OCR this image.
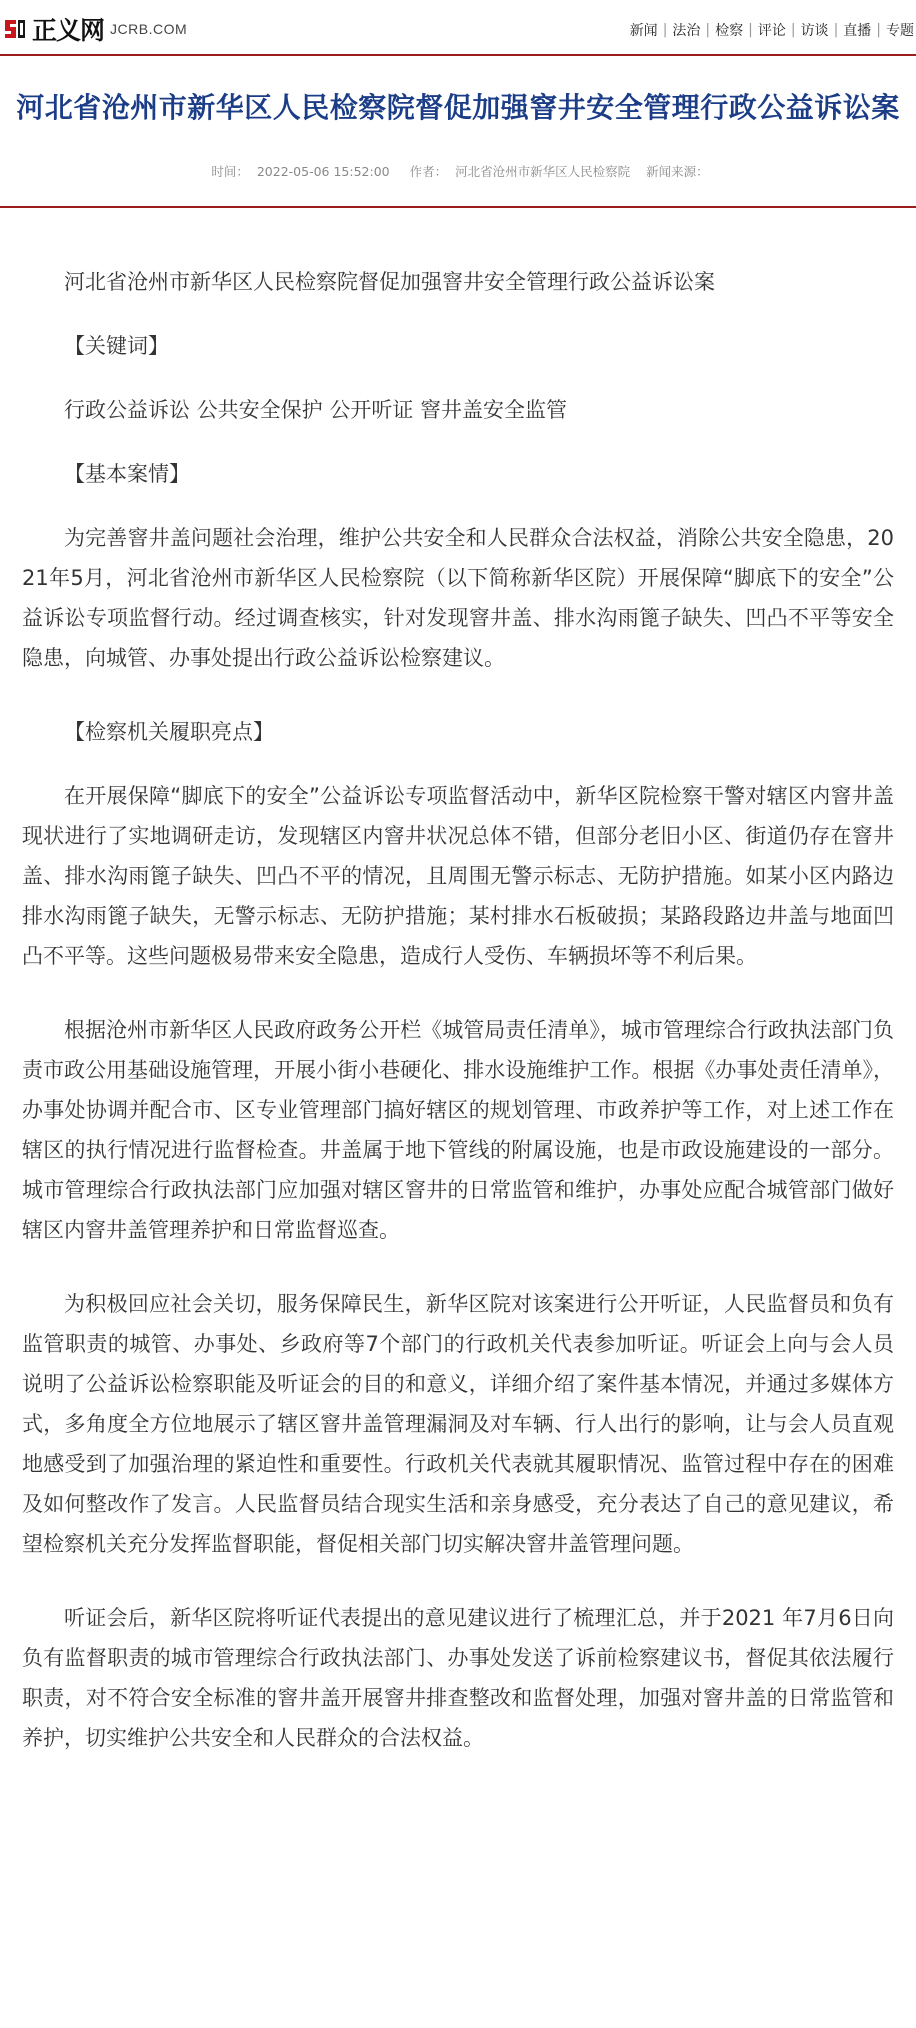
正义网 JCRB.COM	新闻 | 法治 | 检察 | 评论 | 访谈 | 直播 | 专题
河北省沧州市新华区人民检察院督促加强窨井安全管理行政公益诉讼案
时间： 2022-05-06 15:52:00 作者： 河北省沧州市新华区人民检察院 新闻来源：

河北省沧州市新华区人民检察院督促加强窨井安全管理行政公益诉讼案

【关键词】

行政公益诉讼 公共安全保护 公开听证 窨井盖安全监管

【基本案情】

为完善窨井盖问题社会治理，维护公共安全和人民群众合法权益，消除公共安全隐患，2021年5月，河北省沧州市新华区人民检察院（以下简称新华区院）开展保障“脚底下的安全”公益诉讼专项监督行动。经过调查核实，针对发现窨井盖、排水沟雨篦子缺失、凹凸不平等安全隐患，向城管、办事处提出行政公益诉讼检察建议。

【检察机关履职亮点】

在开展保障“脚底下的安全”公益诉讼专项监督活动中，新华区院检察干警对辖区内窨井盖现状进行了实地调研走访，发现辖区内窨井状况总体不错，但部分老旧小区、街道仍存在窨井盖、排水沟雨篦子缺失、凹凸不平的情况，且周围无警示标志、无防护措施。如某小区内路边排水沟雨篦子缺失，无警示标志、无防护措施；某村排水石板破损；某路段路边井盖与地面凹凸不平等。这些问题极易带来安全隐患，造成行人受伤、车辆损坏等不利后果。

根据沧州市新华区人民政府政务公开栏《城管局责任清单》，城市管理综合行政执法部门负责市政公用基础设施管理，开展小街小巷硬化、排水设施维护工作。根据《办事处责任清单》，办事处协调并配合市、区专业管理部门搞好辖区的规划管理、市政养护等工作，对上述工作在辖区的执行情况进行监督检查。井盖属于地下管线的附属设施，也是市政设施建设的一部分。城市管理综合行政执法部门应加强对辖区窨井的日常监管和维护，办事处应配合城管部门做好辖区内窨井盖管理养护和日常监督巡查。

为积极回应社会关切，服务保障民生，新华区院对该案进行公开听证，人民监督员和负有监管职责的城管、办事处、乡政府等7个部门的行政机关代表参加听证。听证会上向与会人员说明了公益诉讼检察职能及听证会的目的和意义，详细介绍了案件基本情况，并通过多媒体方式，多角度全方位地展示了辖区窨井盖管理漏洞及对车辆、行人出行的影响，让与会人员直观地感受到了加强治理的紧迫性和重要性。行政机关代表就其履职情况、监管过程中存在的困难及如何整改作了发言。人民监督员结合现实生活和亲身感受，充分表达了自己的意见建议，希望检察机关充分发挥监督职能，督促相关部门切实解决窨井盖管理问题。

听证会后，新华区院将听证代表提出的意见建议进行了梳理汇总，并于2021 年7月6日向负有监督职责的城市管理综合行政执法部门、办事处发送了诉前检察建议书，督促其依法履行职责，对不符合安全标准的窨井盖开展窨井排查整改和监督处理，加强对窨井盖的日常监管和养护，切实维护公共安全和人民群众的合法权益。
